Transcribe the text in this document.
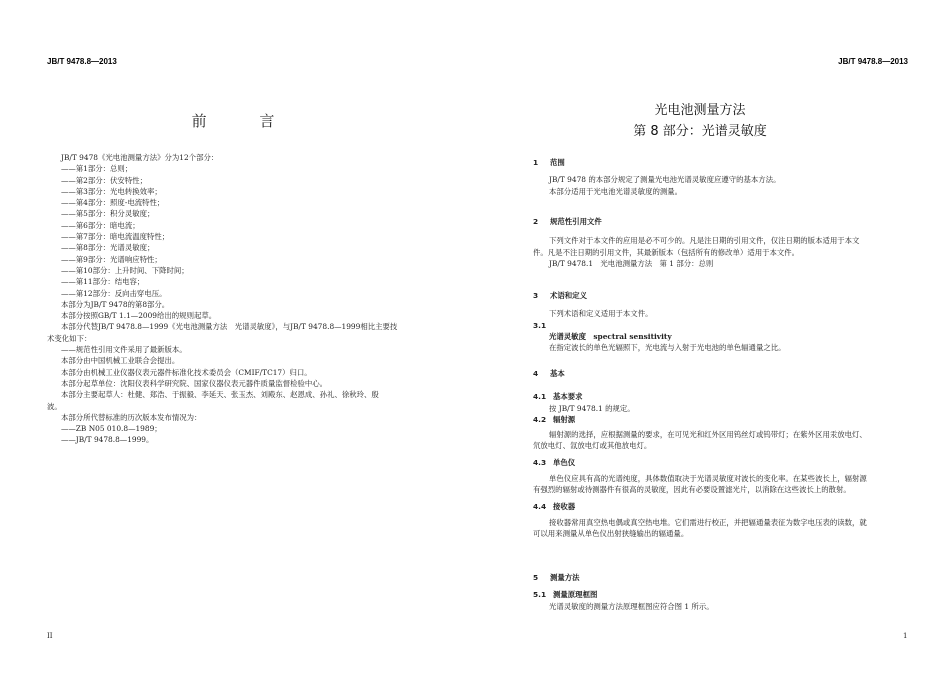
JB/T 9478.8—2013	JB/T 9478.8—2013
前 言

JB/T 9478《光电池测量方法》分为12个部分：

——第1部分：总则；

——第2部分：伏安特性；

——第3部分：光电转换效率；

——第4部分：照度-电流特性；

——第5部分：积分灵敏度；

——第6部分：暗电流；

——第7部分：暗电流温度特性；

——第8部分：光谱灵敏度；

——第9部分：光谱响应特性；

——第10部分：上升时间、下降时间；

——第11部分：结电容；

——第12部分：反向击穿电压。

本部分为JB/T 9478的第8部分。

本部分按照GB/T 1.1—2009给出的规则起草。

本部分代替JB/T 9478.8—1999《光电池测量方法　光谱灵敏度》，与JB/T 9478.8—1999相比主要技

术变化如下：

——规范性引用文件采用了最新版本。

本部分由中国机械工业联合会提出。

本部分由机械工业仪器仪表元器件标准化技术委员会（CMIF/TC17）归口。

本部分起草单位：沈阳仪表科学研究院、国家仪器仪表元器件质量监督检验中心。

本部分主要起草人：杜健、郑浩、于振毅、李延天、张玉杰、刘殿东、赵恩成、孙礼、徐秋玲、殷

波。

本部分所代替标准的历次版本发布情况为：

——ZB N05 010.8—1989；

——JB/T 9478.8—1999。

光电池测量方法
第 8 部分：光谱灵敏度

1 范围

JB/T 9478 的本部分规定了测量光电池光谱灵敏度应遵守的基本方法。

本部分适用于光电池光谱灵敏度的测量。

2 规范性引用文件

下列文件对于本文件的应用是必不可少的。凡是注日期的引用文件，仅注日期的版本适用于本文

件。凡是不注日期的引用文件，其最新版本（包括所有的修改单）适用于本文件。

JB/T 9478.1　光电池测量方法　第 1 部分：总则

3 术语和定义

下列术语和定义适用于本文件。

3.1

光谱灵敏度　 spectral sensitivity

在指定波长的单色光辐照下，光电流与入射于光电池的单色辐通量之比。

4 基本

4.1 基本要求

按 JB/T 9478.1 的规定。

4.2 辐射源

辐射源的选择，应根据测量的要求，在可见光和红外区用钨丝灯或钨带灯；在紫外区用汞放电灯、

氘放电灯、氙放电灯或其他放电灯。

4.3 单色仪

单色仪应具有高的光谱纯度，具体数值取决于光谱灵敏度对波长的变化率。在某些波长上，辐射源

有强烈的辐射或待测器件有很高的灵敏度，因此有必要设置滤光片，以消除在这些波长上的散射。

4.4 接收器

接收器常用真空热电偶或真空热电堆。它们需进行校正，并把辐通量表征为数字电压表的读数，就

可以用来测量从单色仪出射狭缝输出的辐通量。

5 测量方法

5.1 测量原理框图

光谱灵敏度的测量方法原理框图应符合图 1 所示。

II	1
